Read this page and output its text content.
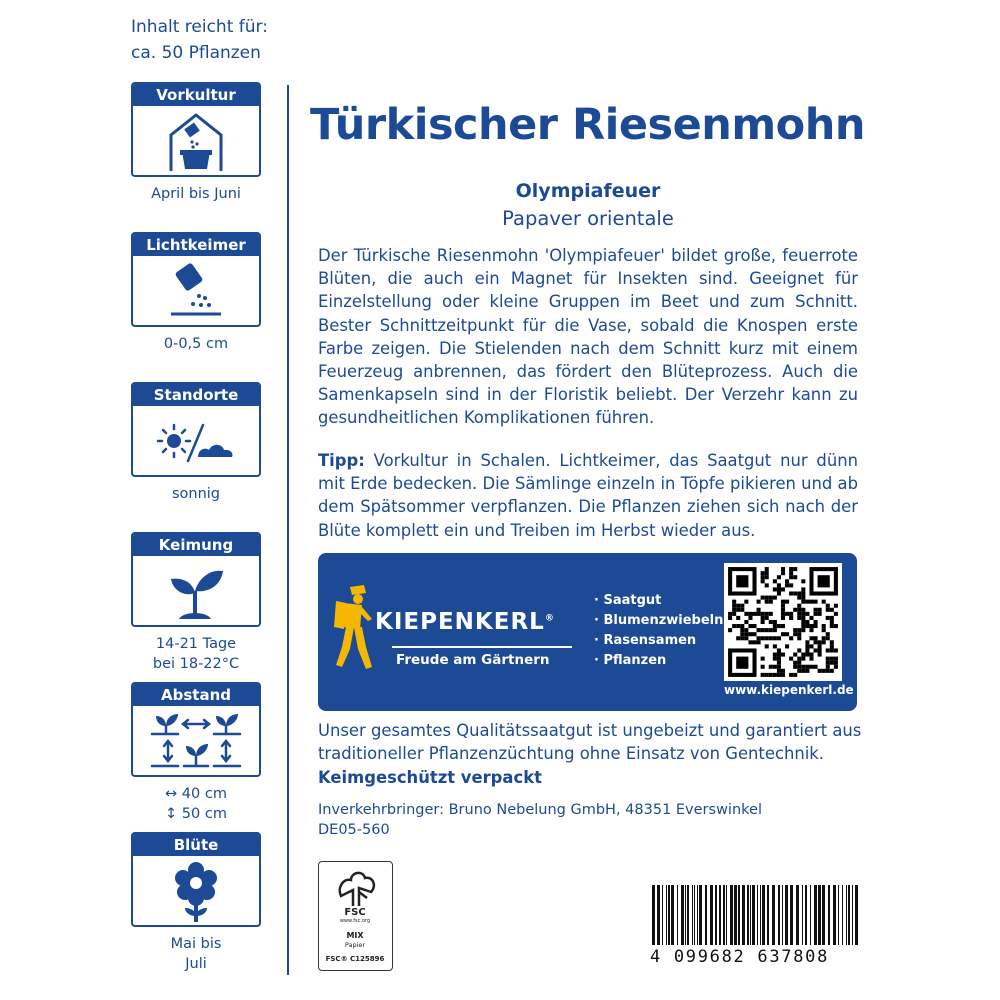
Inhalt reicht für:
ca. 50 Pflanzen
Vorkultur
April bis Juni
Lichtkeimer
0-0,5 cm
Standorte
sonnig
Keimung
14-21 Tage
bei 18-22°C
Abstand
↔ 40 cm
↕ 50 cm
Blüte
Mai bis
Juli
Türkischer Riesenmohn
Olympiafeuer
Papaver orientale
Der Türkische Riesenmohn 'Olympiafeuer' bildet große, feuerrote Blüten, die auch ein Magnet für Insekten sind. Geeignet für Einzelstellung oder kleine Gruppen im Beet und zum Schnitt. Bester Schnittzeitpunkt für die Vase, sobald die Knospen erste Farbe zeigen. Die Stielenden nach dem Schnitt kurz mit einem Feuerzeug anbrennen, das fördert den Blüteprozess. Auch die Samenkapseln sind in der Floristik beliebt. Der Verzehr kann zu gesundheitlichen Komplikationen führen.
Tipp: Vorkultur in Schalen. Lichtkeimer, das Saatgut nur dünn mit Erde bedecken. Die Sämlinge einzeln in Töpfe pikieren und ab dem Spätsommer verpflanzen. Die Pflanzen ziehen sich nach der Blüte komplett ein und Treiben im Herbst wieder aus.
KIEPENKERL®
Freude am Gärtnern
· Saatgut
· Blumenzwiebeln
· Rasensamen
· Pflanzen
www.kiepenkerl.de
Unser gesamtes Qualitätssaatgut ist ungebeizt und garantiert aus traditioneller Pflanzenzüchtung ohne Einsatz von Gentechnik.
Keimgeschützt verpackt
Inverkehrbringer: Bruno Nebelung GmbH, 48351 Everswinkel
DE05-560
FSC
www.fsc.org
MIX
Papier
FSC® C125896	4 099682 637808
